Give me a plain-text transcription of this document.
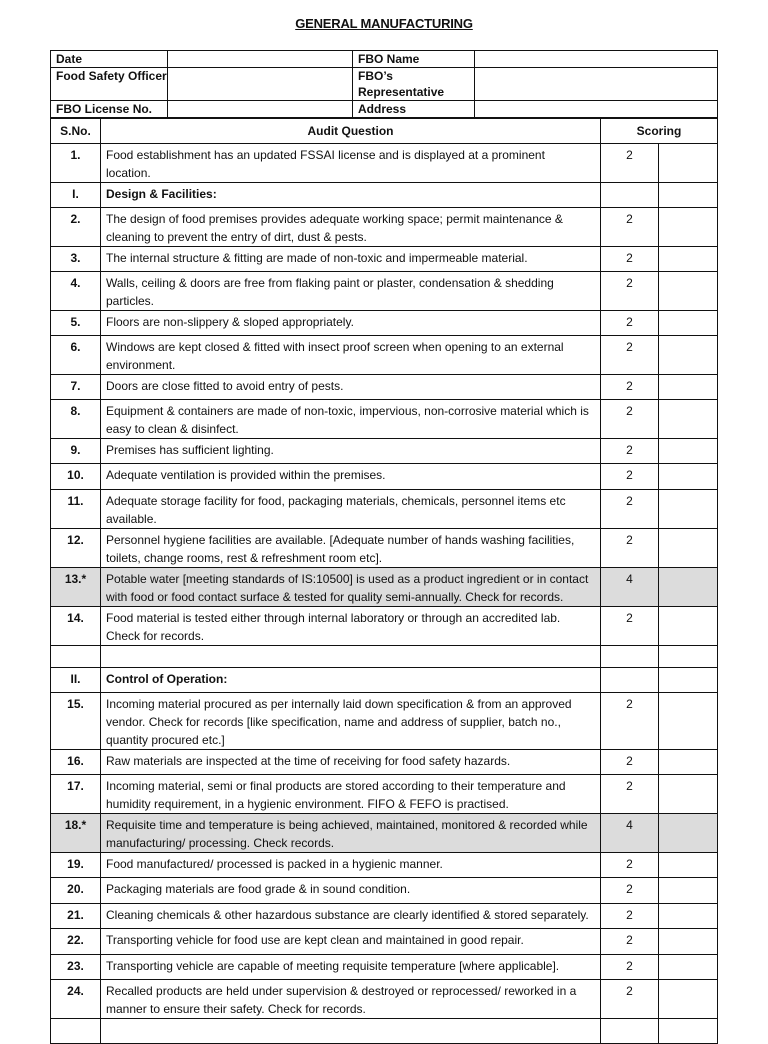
GENERAL MANUFACTURING
Date		FBO Name	
Food Safety Officer		FBO’s Representative	
FBO License No.		Address	
S.No.	Audit Question	Scoring	
1.	Food establishment has an updated FSSAI license and is displayed at a prominent location.	2	
I.	Design & Facilities:		
2.	The design of food premises provides adequate working space; permit maintenance & cleaning to prevent the entry of dirt, dust & pests.	2	
3.	The internal structure & fitting are made of non-toxic and impermeable material.	2	
4.	Walls, ceiling & doors are free from flaking paint or plaster, condensation & shedding particles.	2	
5.	Floors are non-slippery & sloped appropriately.	2	
6.	Windows are kept closed & fitted with insect proof screen when opening to an external environment.	2	
7.	Doors are close fitted to avoid entry of pests.	2	
8.	Equipment & containers are made of non-toxic, impervious, non-corrosive material which is easy to clean & disinfect.	2	
9.	Premises has sufficient lighting.	2	
10.	Adequate ventilation is provided within the premises.	2	
11.	Adequate storage facility for food, packaging materials, chemicals, personnel items etc available.	2	
12.	Personnel hygiene facilities are available. [Adequate number of hands washing facilities, toilets, change rooms, rest & refreshment room etc].	2	
13.*	Potable water [meeting standards of IS:10500] is used as a product ingredient or in contact with food or food contact surface & tested for quality semi-annually. Check for records.	4	
14.	Food material is tested either through internal laboratory or through an accredited lab. Check for records.	2	

II.	Control of Operation:		
15.	Incoming material procured as per internally laid down specification & from an approved vendor. Check for records [like specification, name and address of supplier, batch no., quantity procured etc.]	2	
16.	Raw materials are inspected at the time of receiving for food safety hazards.	2	
17.	Incoming material, semi or final products are stored according to their temperature and humidity requirement, in a hygienic environment. FIFO & FEFO is practised.	2	
18.*	Requisite time and temperature is being achieved, maintained, monitored & recorded while manufacturing/ processing. Check records.	4	
19.	Food manufactured/ processed is packed in a hygienic manner.	2	
20.	Packaging materials are food grade & in sound condition.	2	
21.	Cleaning chemicals & other hazardous substance are clearly identified & stored separately.	2	
22.	Transporting vehicle for food use are kept clean and maintained in good repair.	2	
23.	Transporting vehicle are capable of meeting requisite temperature [where applicable].	2	
24.	Recalled products are held under supervision & destroyed or reprocessed/ reworked in a manner to ensure their safety. Check for records.	2	
